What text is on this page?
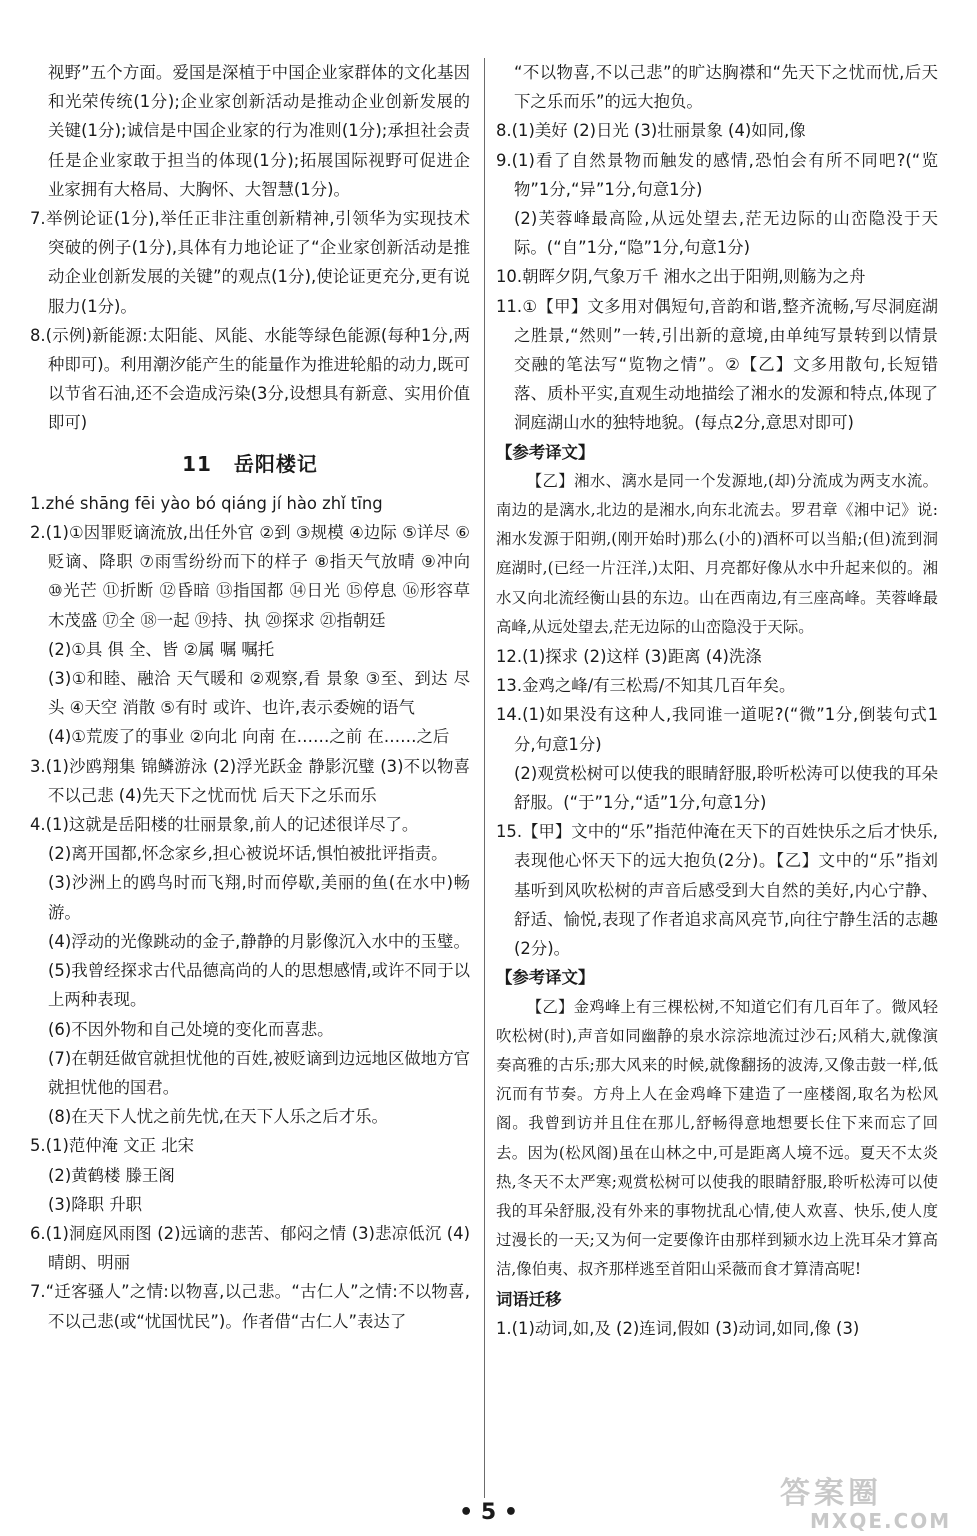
视野”五个方面。爱国是深植于中国企业家群体的文化基因和光荣传统(1分);企业家创新活动是推动企业创新发展的关键(1分);诚信是中国企业家的行为准则(1分);承担社会责任是企业家敢于担当的体现(1分);拓展国际视野可促进企业家拥有大格局、大胸怀、大智慧(1分)。

7.举例论证(1分),举任正非注重创新精神,引领华为实现技术突破的例子(1分),具体有力地论证了“企业家创新活动是推动企业创新发展的关键”的观点(1分),使论证更充分,更有说服力(1分)。

8.(示例)新能源:太阳能、风能、水能等绿色能源(每种1分,两种即可)。利用潮汐能产生的能量作为推进轮船的动力,既可以节省石油,还不会造成污染(3分,设想具有新意、实用价值即可)

11 岳阳楼记

1.zhé shāng fēi yào bó qiáng jí hào zhǐ tīng

2.(1)①因罪贬谪流放,出任外官 ②到 ③规模 ④边际 ⑤详尽 ⑥贬谪、降职 ⑦雨雪纷纷而下的样子 ⑧指天气放晴 ⑨冲向 ⑩光芒 ⑪折断 ⑫昏暗 ⑬指国都 ⑭日光 ⑮停息 ⑯形容草木茂盛 ⑰全 ⑱一起 ⑲持、执 ⑳探求 ㉑指朝廷

(2)①具 俱 全、皆 ②属 嘱 嘱托

(3)①和睦、融洽 天气暖和 ②观察,看 景象 ③至、到达 尽头 ④天空 消散 ⑤有时 或许、也许,表示委婉的语气

(4)①荒废了的事业 ②向北 向南 在……之前 在……之后

3.(1)沙鸥翔集 锦鳞游泳 (2)浮光跃金 静影沉璧 (3)不以物喜 不以己悲 (4)先天下之忧而忧 后天下之乐而乐

4.(1)这就是岳阳楼的壮丽景象,前人的记述很详尽了。

(2)离开国都,怀念家乡,担心被说坏话,惧怕被批评指责。

(3)沙洲上的鸥鸟时而飞翔,时而停歇,美丽的鱼(在水中)畅游。

(4)浮动的光像跳动的金子,静静的月影像沉入水中的玉璧。

(5)我曾经探求古代品德高尚的人的思想感情,或许不同于以上两种表现。

(6)不因外物和自己处境的变化而喜悲。

(7)在朝廷做官就担忧他的百姓,被贬谪到边远地区做地方官就担忧他的国君。

(8)在天下人忧之前先忧,在天下人乐之后才乐。

5.(1)范仲淹 文正 北宋

(2)黄鹤楼 滕王阁

(3)降职 升职

6.(1)洞庭风雨图 (2)远谪的悲苦、郁闷之情 (3)悲凉低沉 (4)晴朗、明丽

7.“迁客骚人”之情:以物喜,以己悲。“古仁人”之情:不以物喜,不以己悲(或“忧国忧民”)。作者借“古仁人”表达了

“不以物喜,不以己悲”的旷达胸襟和“先天下之忧而忧,后天下之乐而乐”的远大抱负。

8.(1)美好 (2)日光 (3)壮丽景象 (4)如同,像

9.(1)看了自然景物而触发的感情,恐怕会有所不同吧?(“览物”1分,“异”1分,句意1分)

(2)芙蓉峰最高险,从远处望去,茫无边际的山峦隐没于天际。(“自”1分,“隐”1分,句意1分)

10.朝晖夕阴,气象万千 湘水之出于阳朔,则觞为之舟

11.①【甲】文多用对偶短句,音韵和谐,整齐流畅,写尽洞庭湖之胜景,“然则”一转,引出新的意境,由单纯写景转到以情景交融的笔法写“览物之情”。②【乙】文多用散句,长短错落、质朴平实,直观生动地描绘了湘水的发源和特点,体现了洞庭湖山水的独特地貌。(每点2分,意思对即可)

【参考译文】

【乙】湘水、漓水是同一个发源地,(却)分流成为两支水流。南边的是漓水,北边的是湘水,向东北流去。罗君章《湘中记》说:湘水发源于阳朔,(刚开始时)那么(小的)酒杯可以当船;(但)流到洞庭湖时,(已经一片汪洋,)太阳、月亮都好像从水中升起来似的。湘水又向北流经衡山县的东边。山在西南边,有三座高峰。芙蓉峰最高峰,从远处望去,茫无边际的山峦隐没于天际。

12.(1)探求 (2)这样 (3)距离 (4)洗涤

13.金鸡之峰/有三松焉/不知其几百年矣。

14.(1)如果没有这种人,我同谁一道呢?(“微”1分,倒装句式1分,句意1分)

(2)观赏松树可以使我的眼睛舒服,聆听松涛可以使我的耳朵舒服。(“于”1分,“适”1分,句意1分)

15.【甲】文中的“乐”指范仲淹在天下的百姓快乐之后才快乐,表现他心怀天下的远大抱负(2分)。【乙】文中的“乐”指刘基听到风吹松树的声音后感受到大自然的美好,内心宁静、舒适、愉悦,表现了作者追求高风亮节,向往宁静生活的志趣(2分)。

【参考译文】

【乙】金鸡峰上有三棵松树,不知道它们有几百年了。微风轻吹松树(时),声音如同幽静的泉水淙淙地流过沙石;风稍大,就像演奏高雅的古乐;那大风来的时候,就像翻扬的波涛,又像击鼓一样,低沉而有节奏。方舟上人在金鸡峰下建造了一座楼阁,取名为松风阁。我曾到访并且住在那儿,舒畅得意地想要长住下来而忘了回去。因为(松风阁)虽在山林之中,可是距离人境不远。夏天不太炎热,冬天不太严寒;观赏松树可以使我的眼睛舒服,聆听松涛可以使我的耳朵舒服,没有外来的事物扰乱心情,使人欢喜、快乐,使人度过漫长的一天;又为何一定要像许由那样到颍水边上洗耳朵才算高洁,像伯夷、叔齐那样逃至首阳山采薇而食才算清高呢!

词语迁移

1.(1)动词,如,及 (2)连词,假如 (3)动词,如同,像 (3)

• 5 •
答案圈
MXQE.COM
